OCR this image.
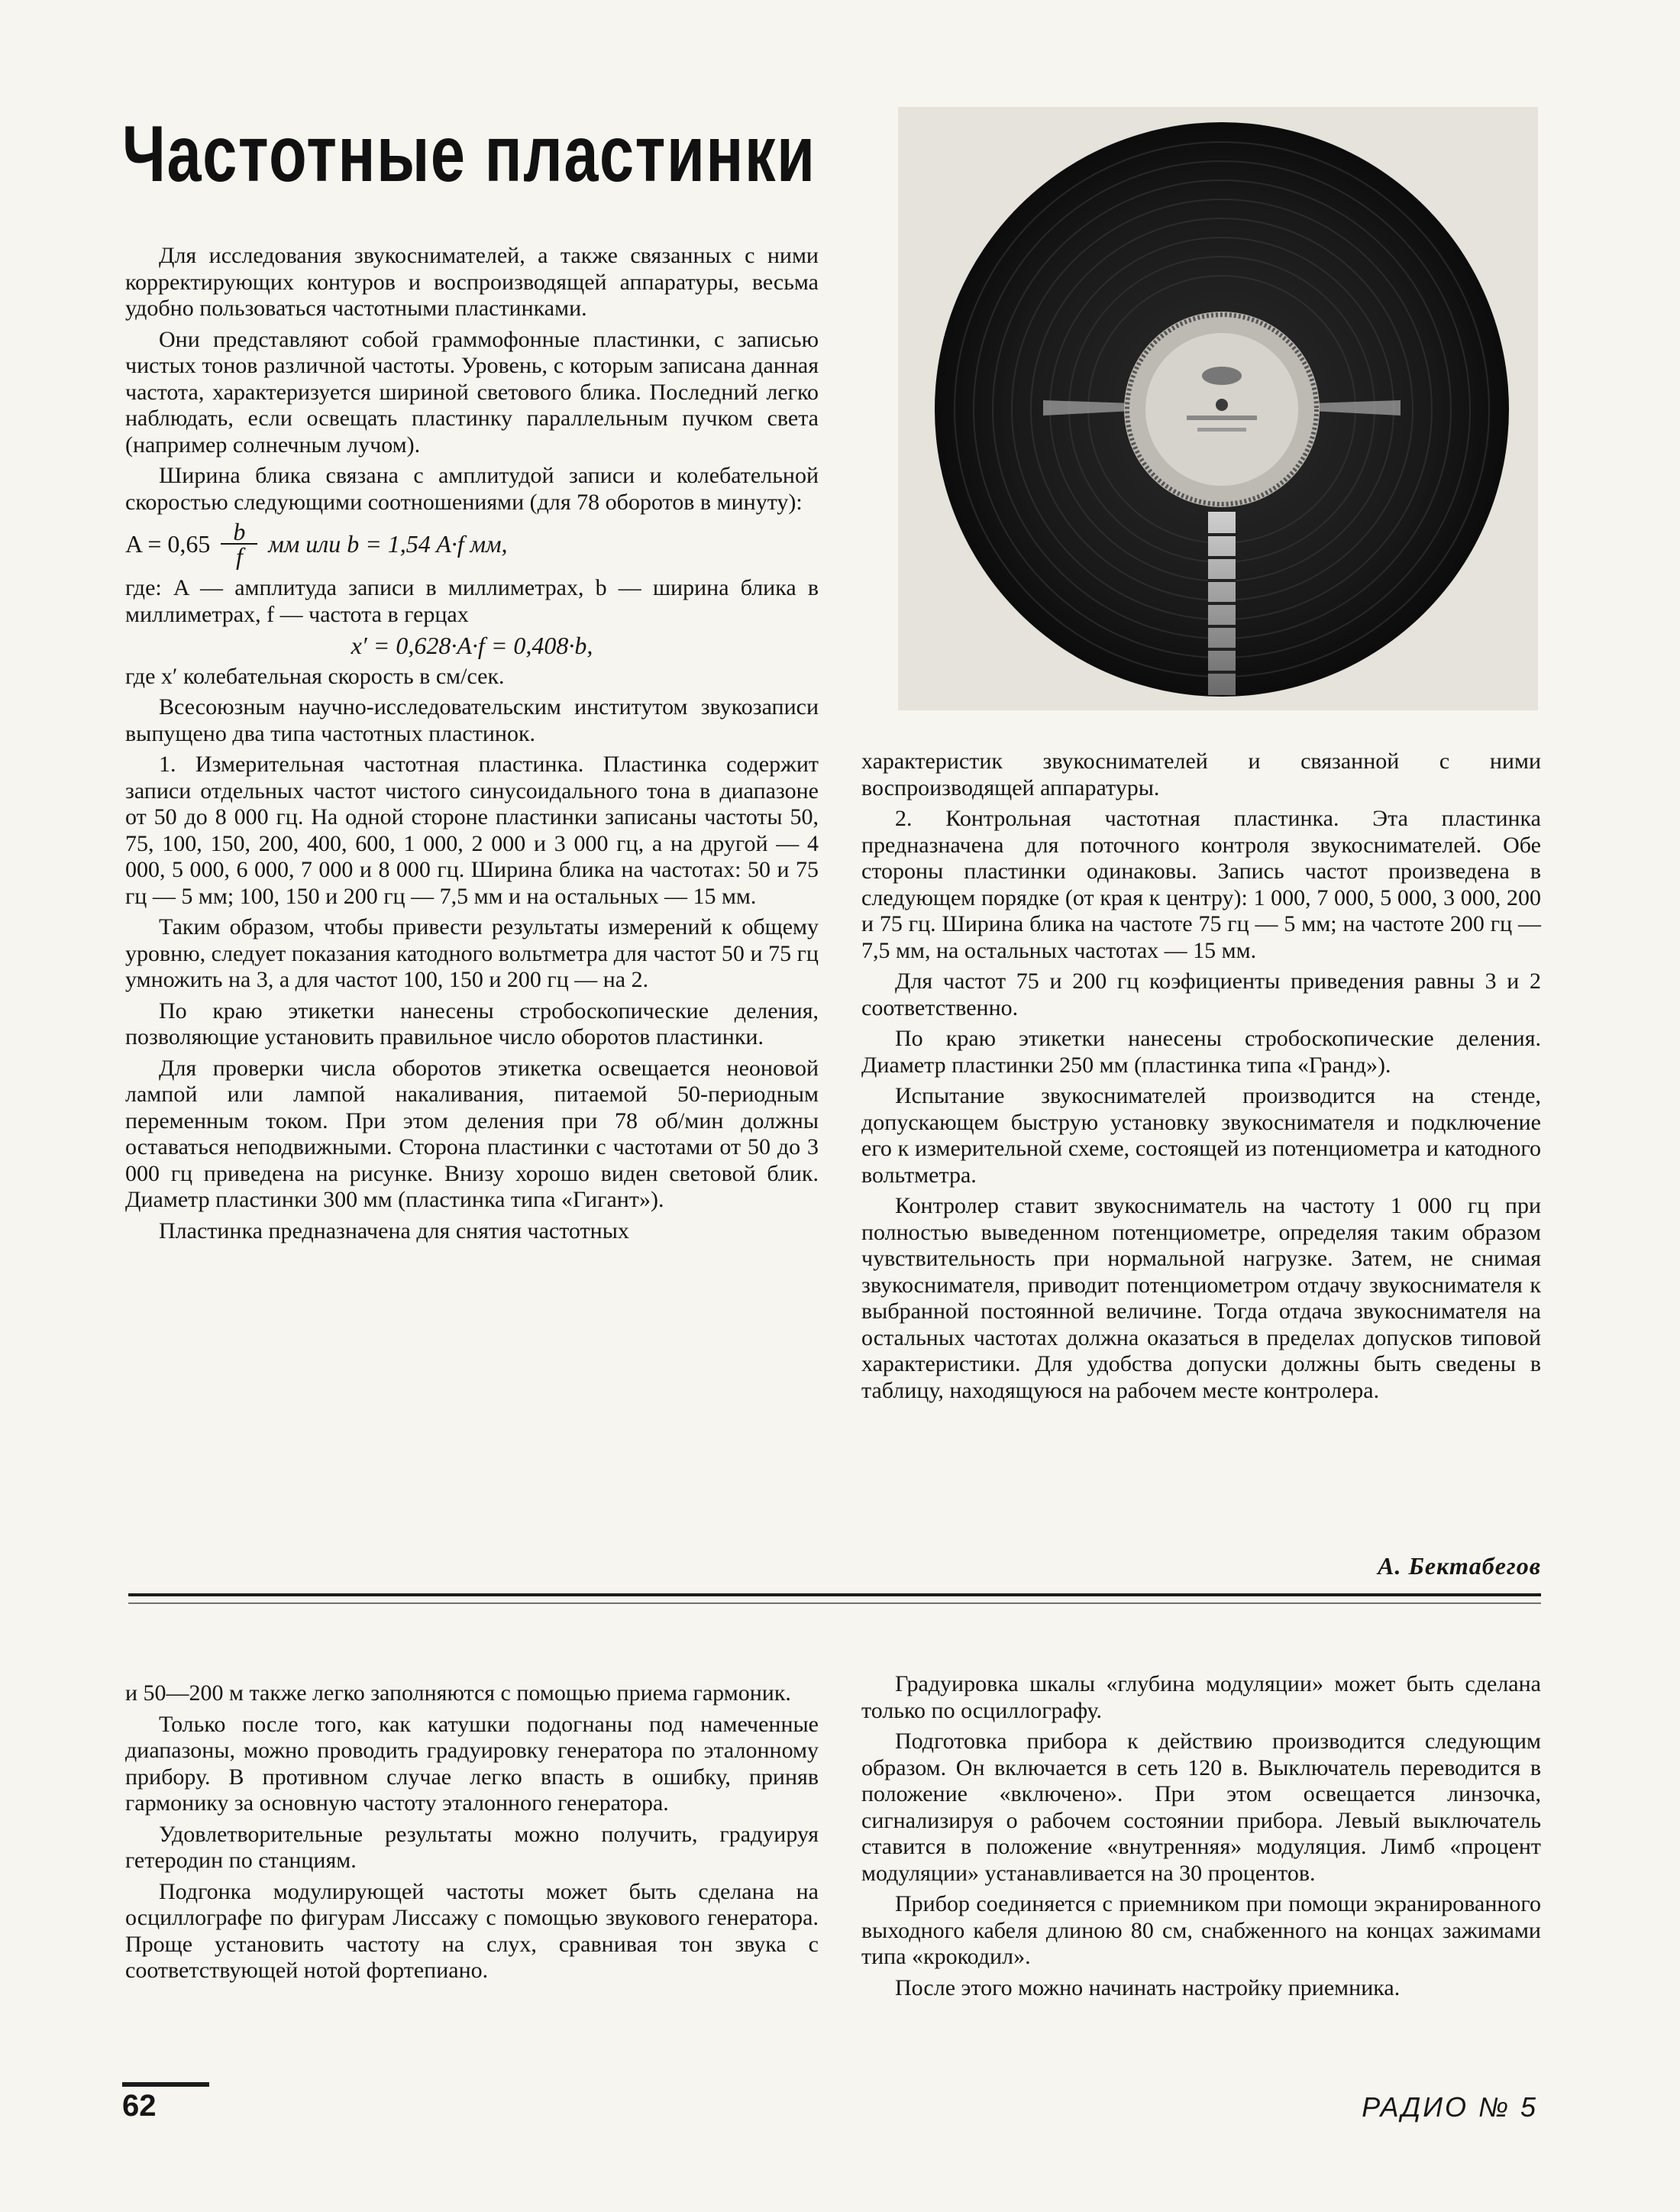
Частотные пластинки

Для исследования звукоснимателей, а также связанных с ними корректирующих контуров и воспроизводящей аппаратуры, весьма удобно пользоваться частотными пластинками.

Они представляют собой граммофонные пластинки, с записью чистых тонов различной частоты. Уровень, с которым записана данная частота, характеризуется шириной светового блика. Последний легко наблюдать, если освещать пластинку параллельным пучком света (например солнечным лучом).

Ширина блика связана с амплитудой записи и колебательной скоростью следующими соотношениями (для 78 оборотов в минуту):

$A = 0,65 \frac{b}{f}$ мм или b = 1,54 A·f мм,

где: A — амплитуда записи в миллиметрах, b — ширина блика в миллиметрах, f — частота в герцах

x′ = 0,628·A·f = 0,408·b,

где x′ колебательная скорость в см/сек.

Всесоюзным научно-исследовательским институтом звукозаписи выпущено два типа частотных пластинок.

1. Измерительная частотная пластинка. Пластинка содержит записи отдельных частот чистого синусоидального тона в диапазоне от 50 до 8 000 гц. На одной стороне пластинки записаны частоты 50, 75, 100, 150, 200, 400, 600, 1 000, 2 000 и 3 000 гц, а на другой — 4 000, 5 000, 6 000, 7 000 и 8 000 гц. Ширина блика на частотах: 50 и 75 гц — 5 мм; 100, 150 и 200 гц — 7,5 мм и на остальных — 15 мм.

Таким образом, чтобы привести результаты измерений к общему уровню, следует показания катодного вольтметра для частот 50 и 75 гц умножить на 3, а для частот 100, 150 и 200 гц — на 2.

По краю этикетки нанесены стробоскопические деления, позволяющие установить правильное число оборотов пластинки.

Для проверки числа оборотов этикетка освещается неоновой лампой или лампой накаливания, питаемой 50-периодным переменным током. При этом деления при 78 об/мин должны оставаться неподвижными. Сторона пластинки с частотами от 50 до 3 000 гц приведена на рисунке. Внизу хорошо виден световой блик. Диаметр пластинки 300 мм (пластинка типа «Гигант»).

Пластинка предназначена для снятия частотных

характеристик звукоснимателей и связанной с ними воспроизводящей аппаратуры.

2. Контрольная частотная пластинка. Эта пластинка предназначена для поточного контроля звукоснимателей. Обе стороны пластинки одинаковы. Запись частот произведена в следующем порядке (от края к центру): 1 000, 7 000, 5 000, 3 000, 200 и 75 гц. Ширина блика на частоте 75 гц — 5 мм; на частоте 200 гц — 7,5 мм, на остальных частотах — 15 мм.

Для частот 75 и 200 гц коэфициенты приведения равны 3 и 2 соответственно.

По краю этикетки нанесены стробоскопические деления. Диаметр пластинки 250 мм (пластинка типа «Гранд»).

Испытание звукоснимателей производится на стенде, допускающем быструю установку звукоснимателя и подключение его к измерительной схеме, состоящей из потенциометра и катодного вольтметра.

Контролер ставит звукосниматель на частоту 1 000 гц при полностью выведенном потенциометре, определяя таким образом чувствительность при нормальной нагрузке. Затем, не снимая звукоснимателя, приводит потенциометром отдачу звукоснимателя к выбранной постоянной величине. Тогда отдача звукоснимателя на остальных частотах должна оказаться в пределах допусков типовой характеристики. Для удобства допуски должны быть сведены в таблицу, находящуюся на рабочем месте контролера.

А. Бектабегов

и 50—200 м также легко заполняются с помощью приема гармоник.

Только после того, как катушки подогнаны под намеченные диапазоны, можно проводить градуировку генератора по эталонному прибору. В противном случае легко впасть в ошибку, приняв гармонику за основную частоту эталонного генератора.

Удовлетворительные результаты можно получить, градуируя гетеродин по станциям.

Подгонка модулирующей частоты может быть сделана на осциллографе по фигурам Лиссажу с помощью звукового генератора. Проще установить частоту на слух, сравнивая тон звука с соответствующей нотой фортепиано.

Градуировка шкалы «глубина модуляции» может быть сделана только по осциллографу.

Подготовка прибора к действию производится следующим образом. Он включается в сеть 120 в. Выключатель переводится в положение «включено». При этом освещается линзочка, сигнализируя о рабочем состоянии прибора. Левый выключатель ставится в положение «внутренняя» модуляция. Лимб «процент модуляции» устанавливается на 30 процентов.

Прибор соединяется с приемником при помощи экранированного выходного кабеля длиною 80 см, снабженного на концах зажимами типа «крокодил».

После этого можно начинать настройку приемника.

62	РАДИО № 5
